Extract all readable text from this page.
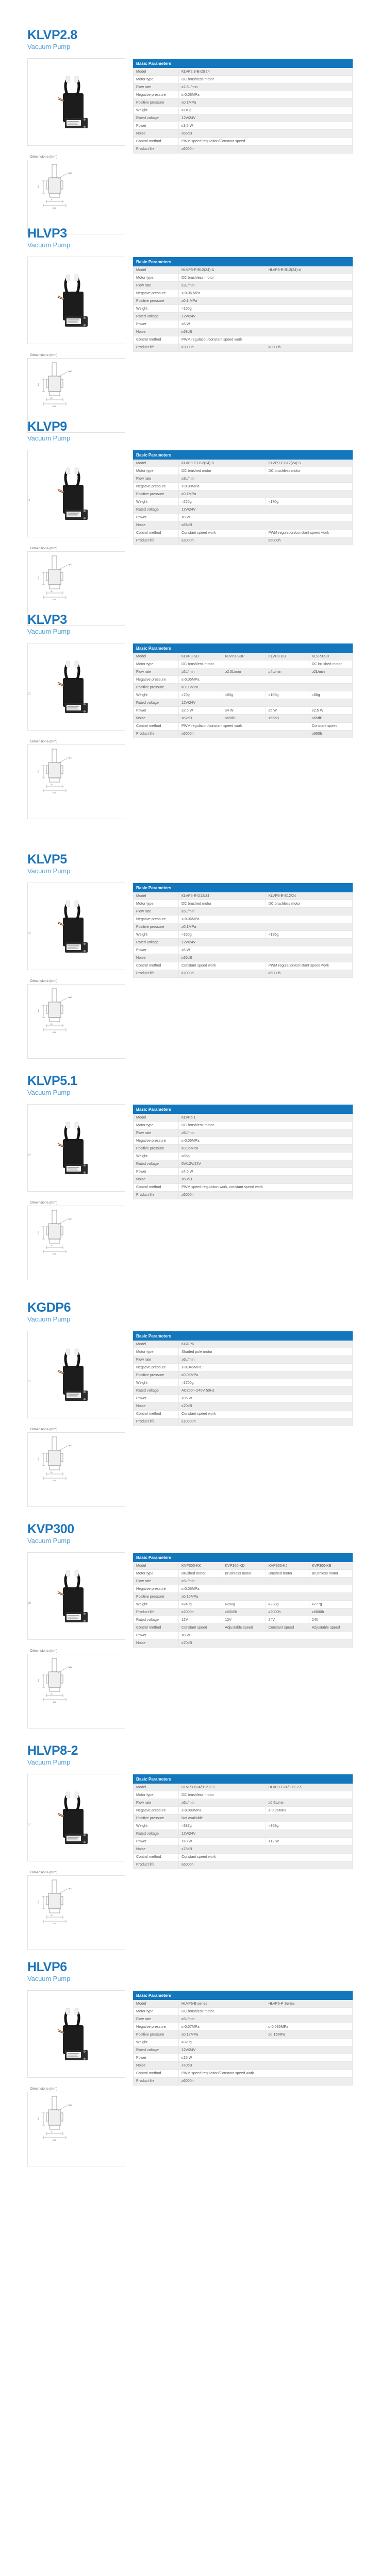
KLVP2.8
Vacuum Pump
Dimensions (mm)
3-φ2.8
28
48.4
30.5
Basic Parameters	
Model	KLVP2.8-E-DB24
Motor type	DC brushless motor
Flow rate	≥2.8L/min
Negative pressure	≤-0.06MPa
Positive pressure	≥0.1MPa
Weight	≈110g
Rated voltage	12V/24V
Power	≤3.5 W
Noise	≤65dB
Control method	PWM speed regulation/Constant speed
Product life	≥6000h
HLVP3
Vacuum Pump
Dimensions (mm)
3-φ2.8
28
48.4
30.5
Basic Parameters		
Model	HLVP3-F-B12(24)-A	HLVP3-E-B12(24)-A
Motor type	DC brushless motor	
Flow rate	≥3L/min	
Negative pressure	≤-0.06 MPa	
Positive pressure	≥0.1 MPa	
Weight	≈150g	
Rated voltage	12V/24V	
Power	≤5 W	
Noise	≤68dB	
Control method	PWM regulation/constant speed work	
Product life	≥3000h	≥8000h
KLVP9
Vacuum Pump
Dimensions (mm)
3-φ2.8
28
48.4
30.5
Basic Parameters		
Model	KLVP9-F-D12(24)-S	KLVP9-F-B12(24)-S
Motor type	DC brushed motor	DC brushless motor
Flow rate	≥3L/min	
Negative pressure	≤-0.09MPa	
Positive pressure	≥0.1MPa	
Weight	≈220g	≈170g
Rated voltage	12V/24V	
Power	≤8 W	
Noise	≤68dB	
Control method	Constant speed work	PWM regulation/constant speed work
Product life	≥2000h	≥6000h
KLVP3
Vacuum Pump
Dimensions (mm)
3-φ2.8
28
48.4
30.5
Basic Parameters				
Model	KLVP3-SB	KLVP3-SBP	KLVP3-DB	KLVP3-SD
Motor type	DC brushless motor			DC brushed motor
Flow rate	≥2L/min	≥2.5L/min	≥4L/min	≥2L/min
Negative pressure	≤-0.05MPa			
Positive pressure	≥0.08MPa			
Weight	≈70g	≈85g	≈105g	≈80g
Rated voltage	12V/24V			
Power	≤2.5 W	≤4 W	≤5 W	≤2.5 W
Noise	≤62dB	≤65dB	≤65dB	≤65dB
Control method	PWM regulation/constant speed work			Constant speed
Product life	≥6000h			≥600h
KLVP5
Vacuum Pump
Dimensions (mm)
3-φ2.8
28
48.4
30.5
Basic Parameters		
Model	KLVP5-E-D12/24	KLVP5-E-B12/24
Motor type	DC brushed motor	DC brushless motor
Flow rate	≥5L/min	
Negative pressure	≤-0.06MPa	
Positive pressure	≥0.1MPa	
Weight	≈150g	≈135g
Rated voltage	12V/24V	
Power	≤5 W	
Noise	≤65dB	
Control method	Constant speed work	PWM regulation/constant speed work
Product life	≥2000h	≥6000h
KLVP5.1
Vacuum Pump
Dimensions (mm)
3-φ2.8
28
48.4
30.5
Basic Parameters	
Model	KLVP5.1
Motor type	DC brushless motor
Flow rate	≥5L/min
Negative pressure	≤-0.05MPa
Positive pressure	≥0.05MPa
Weight	≈65g
Rated voltage	6V/12V/24V
Power	≤4.5 W
Noise	≤68dB
Control method	PWM speed regulation work, constant speed work
Product life	≥6000h
KGDP6
Vacuum Pump
Dimensions (mm)
3-φ2.8
28
48.4
30.5
Basic Parameters	
Model	KGDP6
Motor type	Shaded pole motor
Flow rate	≥6L/min
Negative pressure	≤-0.045MPa
Positive pressure	≥0.05MPa
Weight	≈1700g
Rated voltage	AC200～240V 50Hz
Power	≤35 W
Noise	≤70dB
Control method	Constant speed work
Product life	≥10000h
KVP300
Vacuum Pump
Dimensions (mm)
3-φ2.8
28
48.4
30.5
Basic Parameters				
Model	KVP300-KK	KVP300-KD	KVP300-KJ	KVP300-KB
Motor type	Brushed motor	Brushless motor	Brushed motor	Brushless motor
Flow rate	≥6L/min			
Negative pressure	≤-0.05MPa			
Positive pressure	≥0.10MPa			
Weight	≈240g	≈280g	≈238g	≈277g
Product life	≥2000h	≥6000h	≥2000h	≥6000h
Rated voltage	12V	12V	24V	24V
Control method	Constant speed	Adjustable speed	Constant speed	Adjustable speed
Power	≤8 W			
Noise	≤70dB			
HLVP8-2
Vacuum Pump
Dimensions (mm)
3-φ2.8
28
48.4
30.5
Basic Parameters		
Model	HLVP8-B24/B12-2-S	HLVP8-C24/C12-2-S
Motor type	DC brushless motor	
Flow rate	≥6L/min	≥6.5L/min
Negative pressure	≤-0.098MPa	≤-0.06MPa
Positive pressure	Not available	
Weight	≈387g	≈368g
Rated voltage	12V/24V	
Power	≤18 W	≤12 W
Noise	≤75dB	
Control method	Constant speed work	
Product life	≥6000h	
HLVP6
Vacuum Pump
Dimensions (mm)
3-φ2.8
28
48.4
30.5
Basic Parameters		
Model	HLVP6-B series	HLVP6-P Series
Motor type	DC brushless motor	
Flow rate	≥6L/min	
Negative pressure	≤-0.07MPa	≤-0.085MPa
Positive pressure	≥0.12MPa	≥0.15MPa
Weight	≈320g	
Rated voltage	12V/24V	
Power	≤15 W	
Noise	≤70dB	
Control method	PWM speed regulation/Constant speed work	
Product life	≥6000h	
11
12
13
14
15
16
17
